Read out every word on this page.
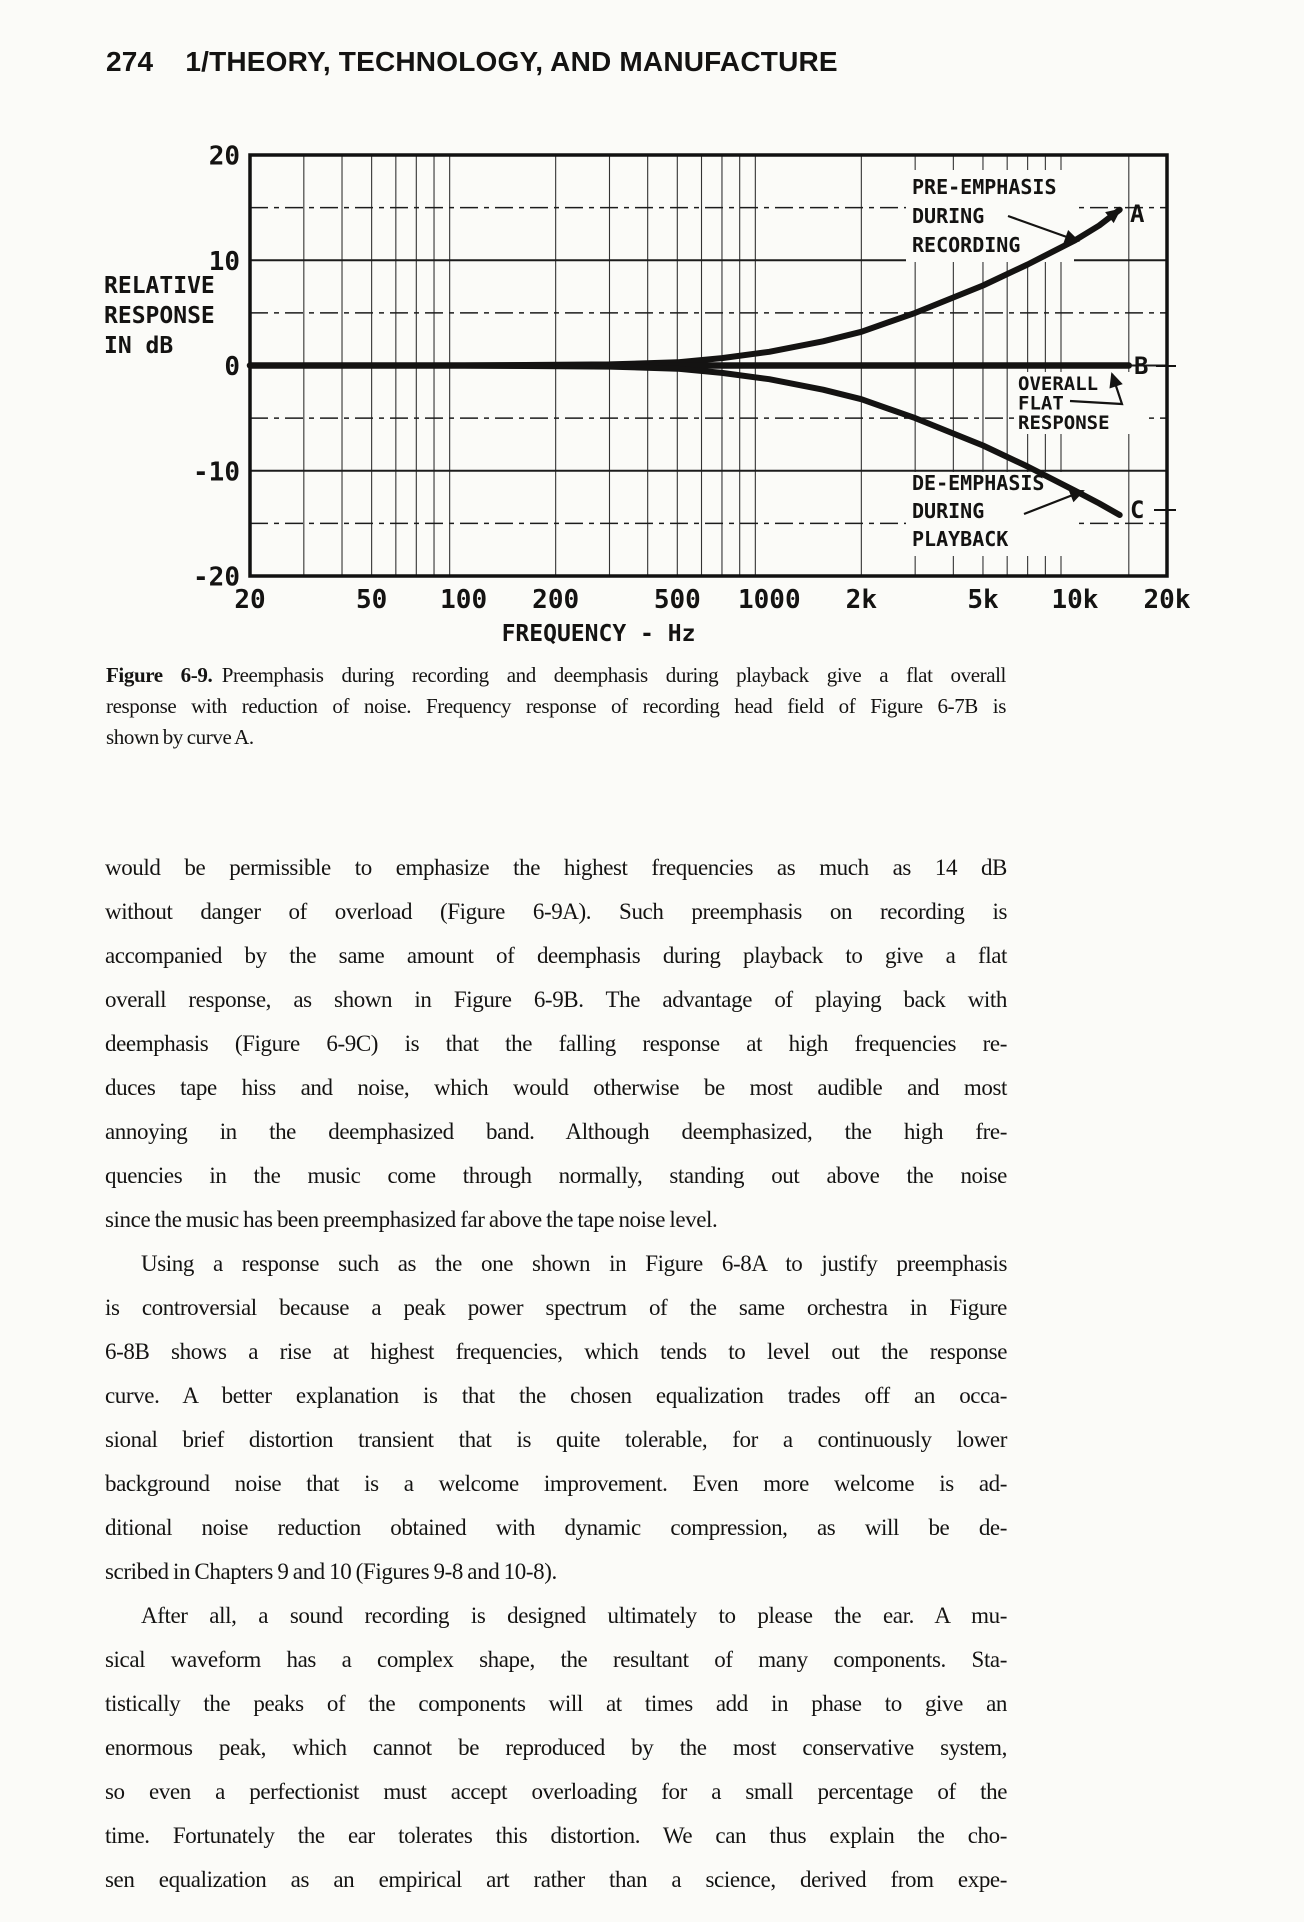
274 1/THEORY, TECHNOLOGY, AND MANUFACTURE
PRE-EMPHASIS
DURING
RECORDING
OVERALL
FLAT
RESPONSE
DE-EMPHASIS
DURING
PLAYBACK
A
B
C
20
10
0
-10
-20
20	50 100 200	500 1000 2k	5k 10k 20k
RELATIVE
RESPONSE
IN dB
FREQUENCY - Hz
Figure 6-9. Preemphasis during recording and deemphasis during playback give a flat overall
response with reduction of noise. Frequency response of recording head field of Figure 6-7B is
shown by curve A.
would be permissible to emphasize the highest frequencies as much as 14 dB
without danger of overload (Figure 6-9A). Such preemphasis on recording is
accompanied by the same amount of deemphasis during playback to give a flat
overall response, as shown in Figure 6-9B. The advantage of playing back with
deemphasis (Figure 6-9C) is that the falling response at high frequencies re-
duces tape hiss and noise, which would otherwise be most audible and most
annoying in the deemphasized band. Although deemphasized, the high fre-
quencies in the music come through normally, standing out above the noise
since the music has been preemphasized far above the tape noise level.
Using a response such as the one shown in Figure 6-8A to justify preemphasis
is controversial because a peak power spectrum of the same orchestra in Figure
6-8B shows a rise at highest frequencies, which tends to level out the response
curve. A better explanation is that the chosen equalization trades off an occa-
sional brief distortion transient that is quite tolerable, for a continuously lower
background noise that is a welcome improvement. Even more welcome is ad-
ditional noise reduction obtained with dynamic compression, as will be de-
scribed in Chapters 9 and 10 (Figures 9-8 and 10-8).
After all, a sound recording is designed ultimately to please the ear. A mu-
sical waveform has a complex shape, the resultant of many components. Sta-
tistically the peaks of the components will at times add in phase to give an
enormous peak, which cannot be reproduced by the most conservative system,
so even a perfectionist must accept overloading for a small percentage of the
time. Fortunately the ear tolerates this distortion. We can thus explain the cho-
sen equalization as an empirical art rather than a science, derived from expe-
